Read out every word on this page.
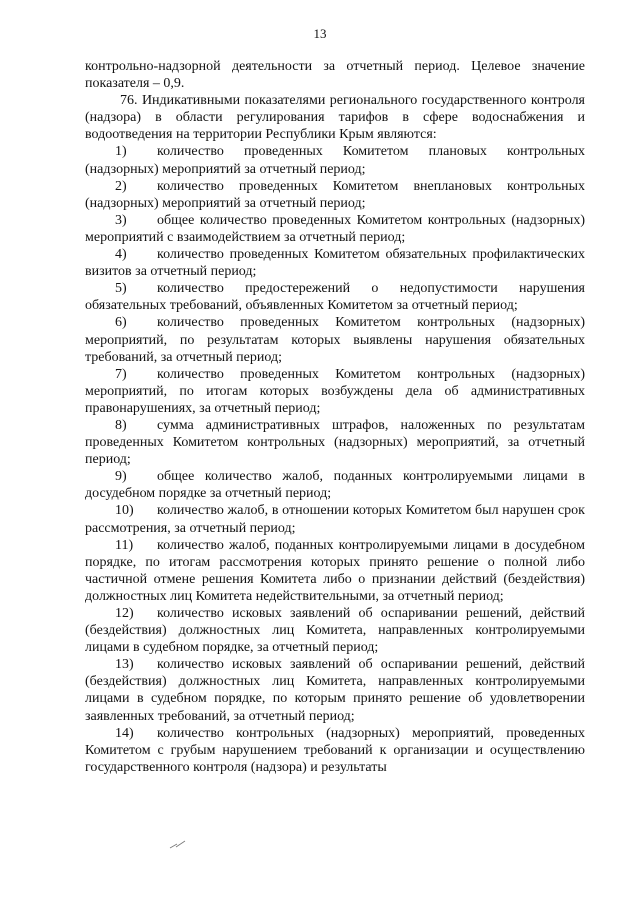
13

контрольно-надзорной деятельности за отчетный период. Целевое значение показателя – 0,9.

76. Индикативными показателями регионального государственного контроля (надзора) в области регулирования тарифов в сфере водоснабжения и водоотведения на территории Республики Крым являются:

1) количество проведенных Комитетом плановых контрольных (надзорных) мероприятий за отчетный период;

2) количество проведенных Комитетом внеплановых контрольных (надзорных) мероприятий за отчетный период;

3) общее количество проведенных Комитетом контрольных (надзорных) мероприятий с взаимодействием за отчетный период;

4) количество проведенных Комитетом обязательных профилактических визитов за отчетный период;

5) количество предостережений о недопустимости нарушения обязательных требований, объявленных Комитетом за отчетный период;

6) количество проведенных Комитетом контрольных (надзорных) мероприятий, по результатам которых выявлены нарушения обязательных требований, за отчетный период;

7) количество проведенных Комитетом контрольных (надзорных) мероприятий, по итогам которых возбуждены дела об административных правонарушениях, за отчетный период;

8) сумма административных штрафов, наложенных по результатам проведенных Комитетом контрольных (надзорных) мероприятий, за отчетный период;

9) общее количество жалоб, поданных контролируемыми лицами в досудебном порядке за отчетный период;

10) количество жалоб, в отношении которых Комитетом был нарушен срок рассмотрения, за отчетный период;

11) количество жалоб, поданных контролируемыми лицами в досудебном порядке, по итогам рассмотрения которых принято решение о полной либо частичной отмене решения Комитета либо о признании действий (бездействия) должностных лиц Комитета недействительными, за отчетный период;

12) количество исковых заявлений об оспаривании решений, действий (бездействия) должностных лиц Комитета, направленных контролируемыми лицами в судебном порядке, за отчетный период;

13) количество исковых заявлений об оспаривании решений, действий (бездействия) должностных лиц Комитета, направленных контролируемыми лицами в судебном порядке, по которым принято решение об удовлетворении заявленных требований, за отчетный период;

14) количество контрольных (надзорных) мероприятий, проведенных Комитетом с грубым нарушением требований к организации и осуществлению государственного контроля (надзора) и результаты
